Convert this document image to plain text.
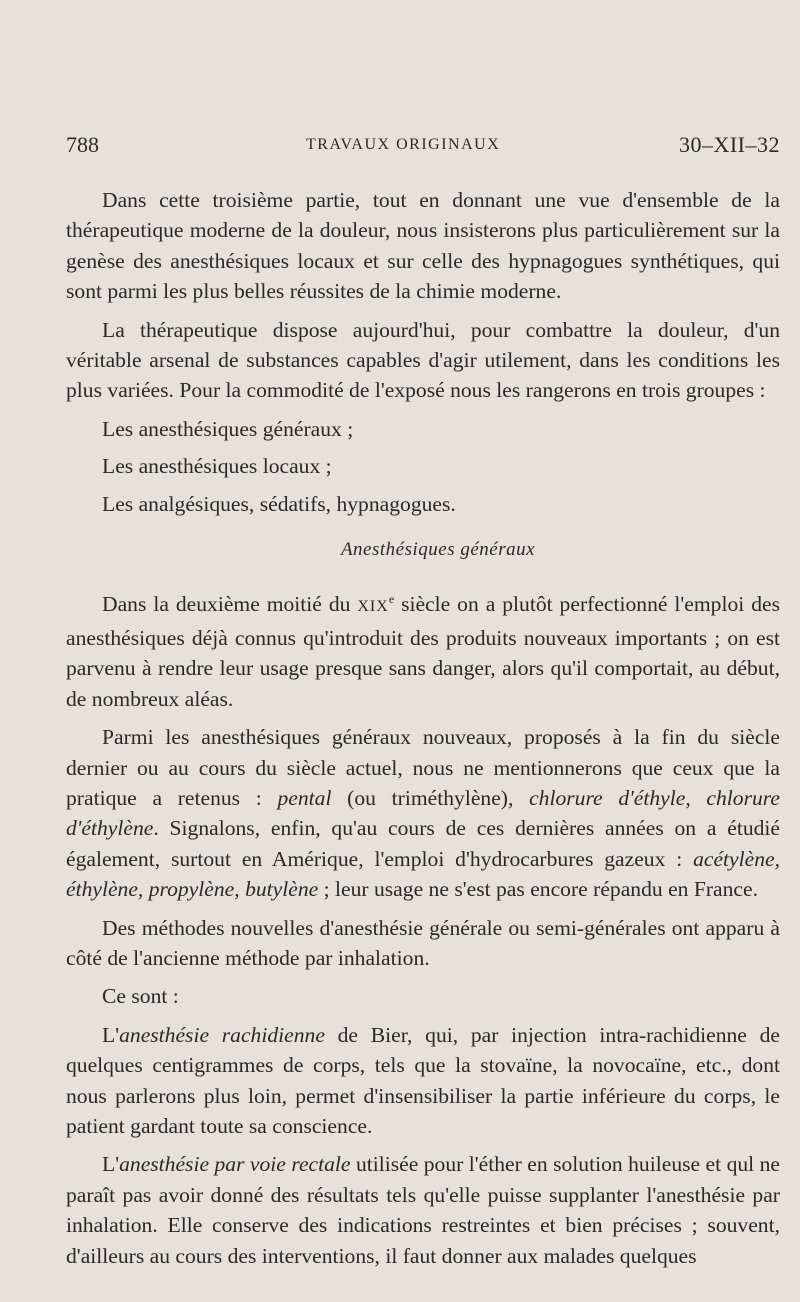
788	TRAVAUX ORIGINAUX	30–XII–32

Dans cette troisième partie, tout en donnant une vue d'ensemble de la thérapeutique moderne de la douleur, nous insisterons plus particulièrement sur la genèse des anesthésiques locaux et sur celle des hypnagogues synthétiques, qui sont parmi les plus belles réussites de la chimie moderne.

La thérapeutique dispose aujourd'hui, pour combattre la douleur, d'un véritable arsenal de substances capables d'agir utilement, dans les conditions les plus variées. Pour la commodité de l'exposé nous les rangerons en trois groupes :

Les anesthésiques généraux ;

Les anesthésiques locaux ;

Les analgésiques, sédatifs, hypnagogues.

Anesthésiques généraux

Dans la deuxième moitié du XIXe siècle on a plutôt perfectionné l'emploi des anesthésiques déjà connus qu'introduit des produits nouveaux importants ; on est parvenu à rendre leur usage presque sans danger, alors qu'il comportait, au début, de nombreux aléas.

Parmi les anesthésiques généraux nouveaux, proposés à la fin du siècle dernier ou au cours du siècle actuel, nous ne mentionnerons que ceux que la pratique a retenus : pental (ou triméthylène), chlorure d'éthyle, chlorure d'éthylène. Signalons, enfin, qu'au cours de ces dernières années on a étudié également, surtout en Amérique, l'emploi d'hydrocarbures gazeux : acétylène, éthylène, propylène, butylène ; leur usage ne s'est pas encore répandu en France.

Des méthodes nouvelles d'anesthésie générale ou semi-générales ont apparu à côté de l'ancienne méthode par inhalation.

Ce sont :

L'anesthésie rachidienne de Bier, qui, par injection intra-rachidienne de quelques centigrammes de corps, tels que la stovaïne, la novocaïne, etc., dont nous parlerons plus loin, permet d'insensibiliser la partie inférieure du corps, le patient gardant toute sa conscience.

L'anesthésie par voie rectale utilisée pour l'éther en solution huileuse et qul ne paraît pas avoir donné des résultats tels qu'elle puisse supplanter l'anesthésie par inhalation. Elle conserve des indications restreintes et bien précises ; souvent, d'ailleurs au cours des interventions, il faut donner aux malades quelques
